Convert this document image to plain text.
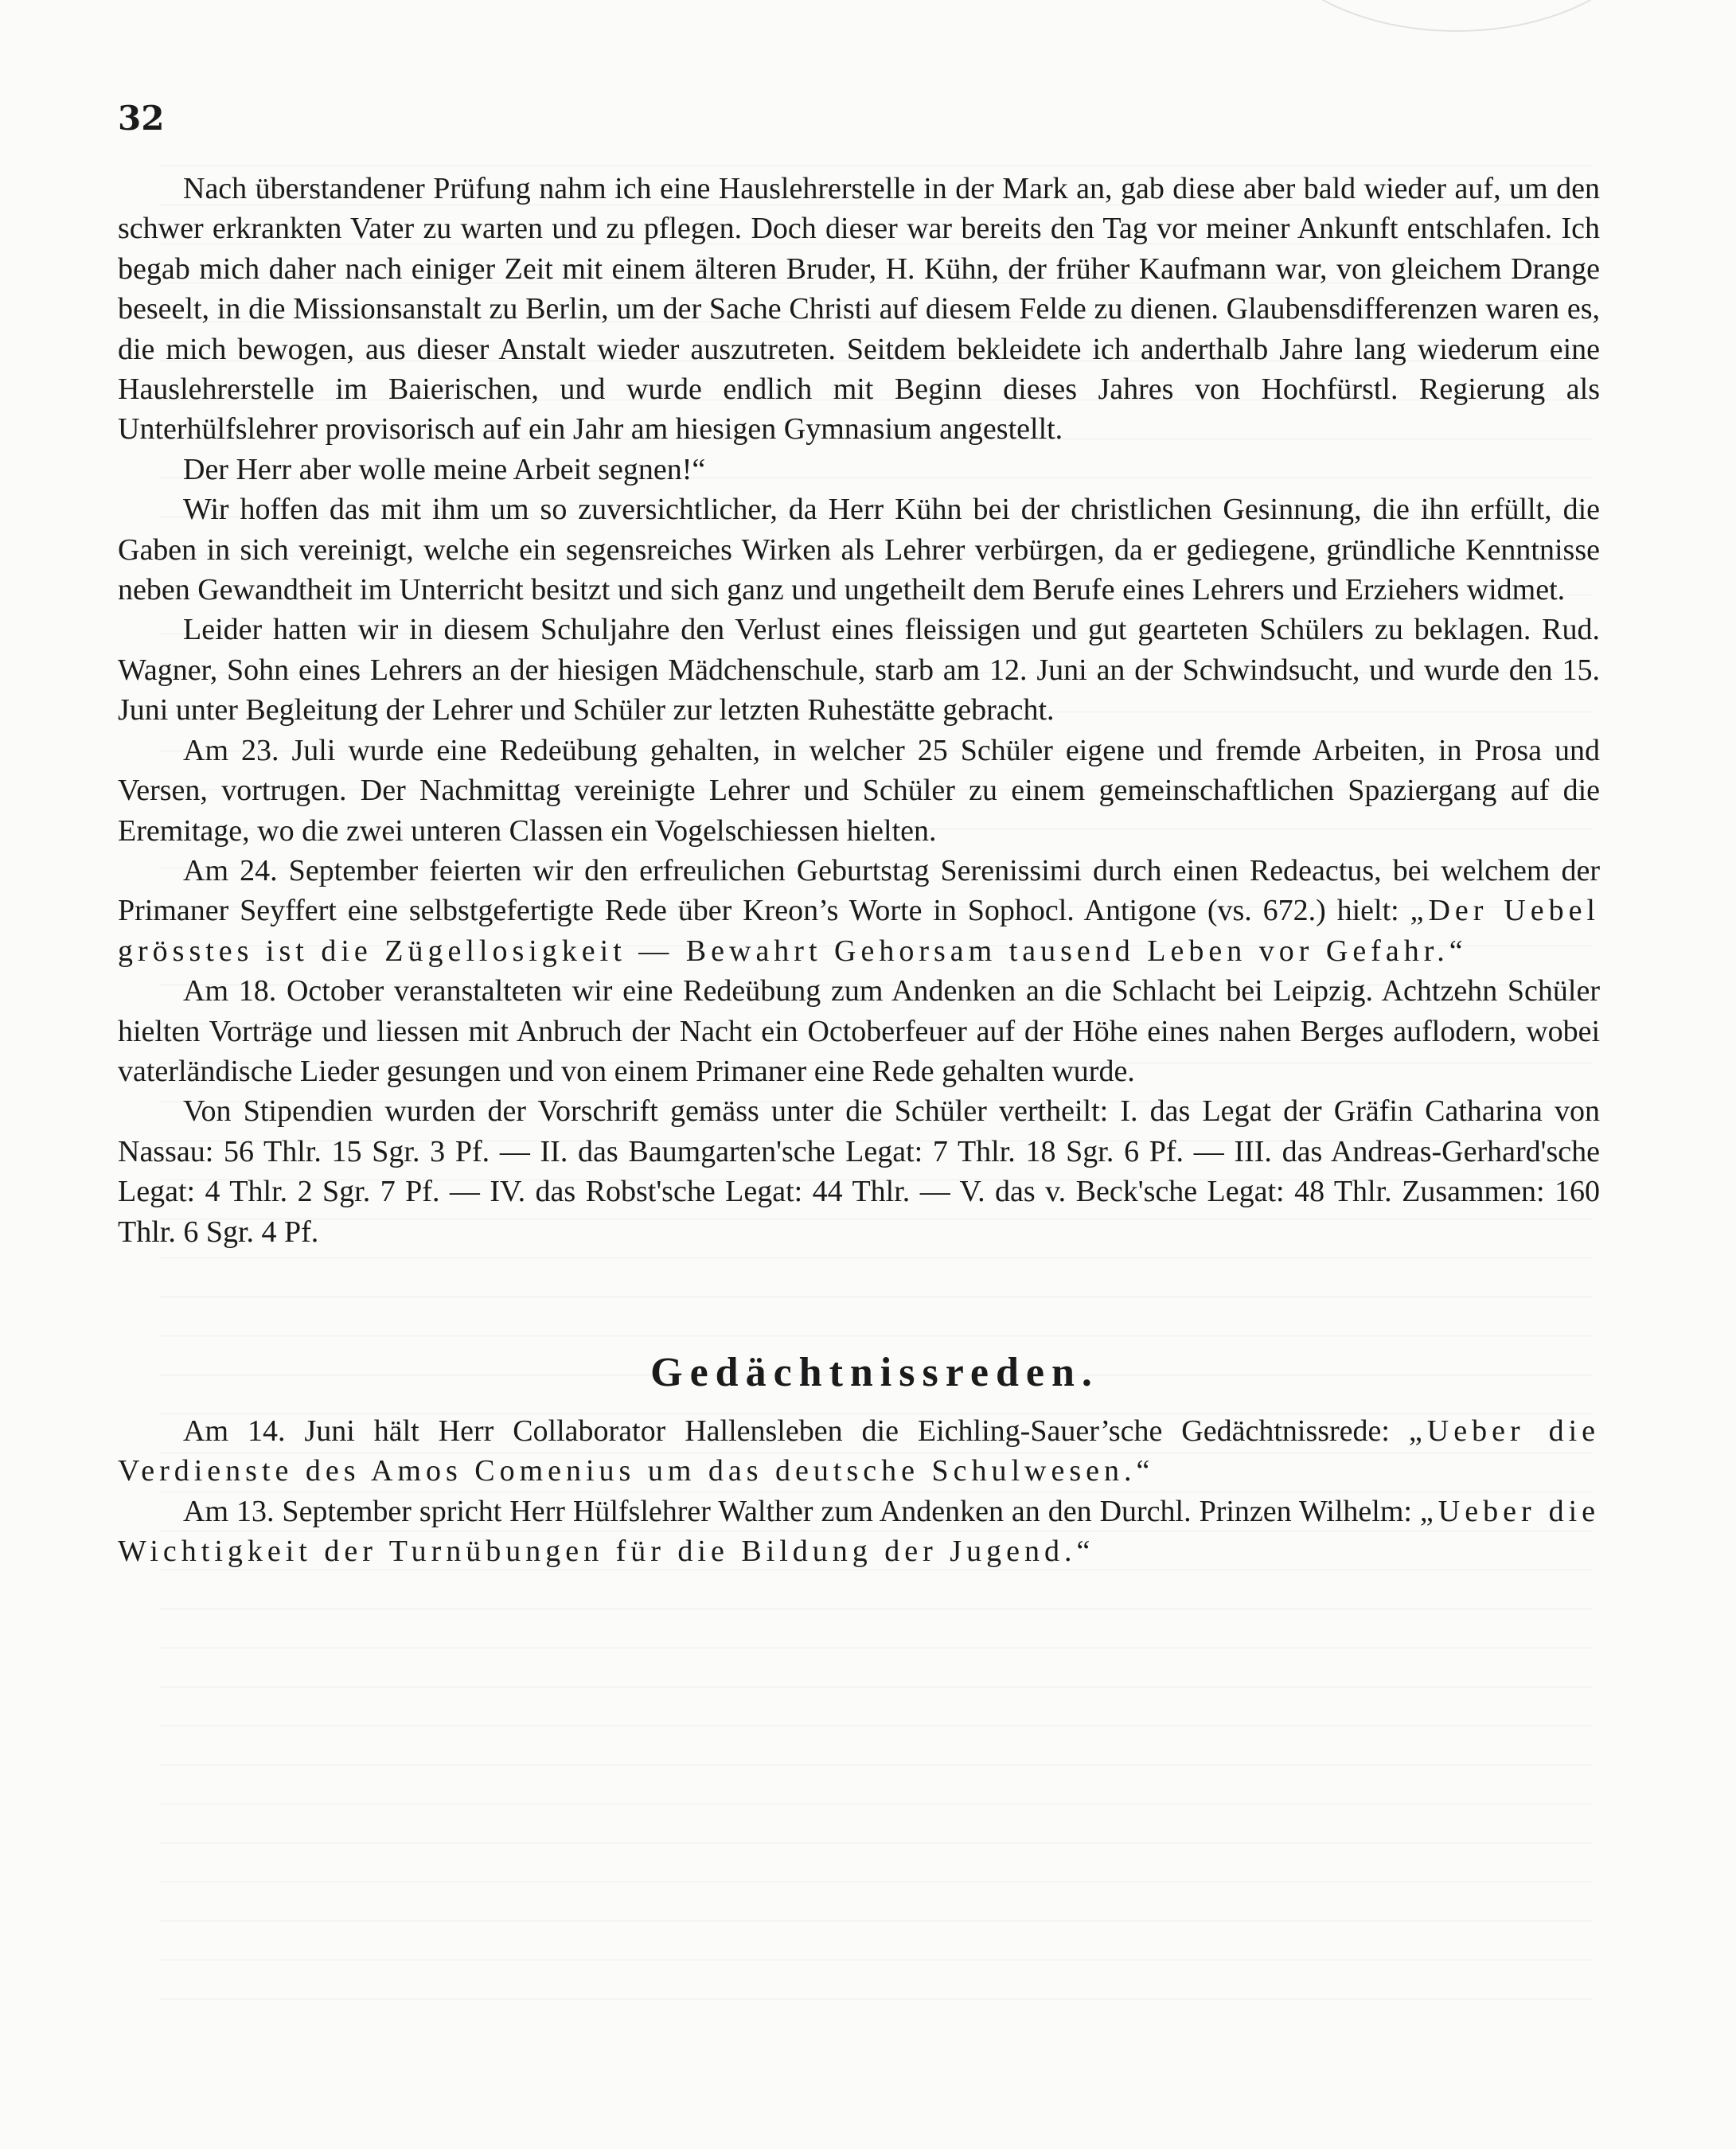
32

Nach überstandener Prüfung nahm ich eine Hauslehrerstelle in der Mark an, gab diese aber bald wieder auf, um den schwer erkrankten Vater zu warten und zu pflegen. Doch dieser war bereits den Tag vor meiner Ankunft entschlafen. Ich begab mich daher nach einiger Zeit mit einem älteren Bruder, H. Kühn, der früher Kaufmann war, von gleichem Drange beseelt, in die Missionsanstalt zu Berlin, um der Sache Christi auf diesem Felde zu dienen. Glaubensdifferenzen waren es, die mich bewogen, aus dieser Anstalt wieder auszutreten. Seitdem bekleidete ich anderthalb Jahre lang wiederum eine Hauslehrerstelle im Baierischen, und wurde endlich mit Beginn dieses Jahres von Hochfürstl. Regierung als Unterhülfslehrer provisorisch auf ein Jahr am hiesigen Gymnasium angestellt.

Der Herr aber wolle meine Arbeit segnen!“

Wir hoffen das mit ihm um so zuversichtlicher, da Herr Kühn bei der christlichen Gesinnung, die ihn erfüllt, die Gaben in sich vereinigt, welche ein segensreiches Wirken als Lehrer verbürgen, da er gediegene, gründliche Kenntnisse neben Gewandtheit im Unterricht besitzt und sich ganz und ungetheilt dem Berufe eines Lehrers und Erziehers widmet.

Leider hatten wir in diesem Schuljahre den Verlust eines fleissigen und gut gearteten Schülers zu beklagen. Rud. Wagner, Sohn eines Lehrers an der hiesigen Mädchenschule, starb am 12. Juni an der Schwindsucht, und wurde den 15. Juni unter Begleitung der Lehrer und Schüler zur letzten Ruhestätte gebracht.

Am 23. Juli wurde eine Redeübung gehalten, in welcher 25 Schüler eigene und fremde Arbeiten, in Prosa und Versen, vortrugen. Der Nachmittag vereinigte Lehrer und Schüler zu einem gemeinschaftlichen Spaziergang auf die Eremitage, wo die zwei unteren Classen ein Vogelschiessen hielten.

Am 24. September feierten wir den erfreulichen Geburtstag Serenissimi durch einen Redeactus, bei welchem der Primaner Seyffert eine selbstgefertigte Rede über Kreon’s Worte in Sophocl. Antigone (vs. 672.) hielt: „Der Uebel grösstes ist die Zügellosigkeit — Bewahrt Gehorsam tausend Leben vor Gefahr.“

Am 18. October veranstalteten wir eine Redeübung zum Andenken an die Schlacht bei Leipzig. Achtzehn Schüler hielten Vorträge und liessen mit Anbruch der Nacht ein Octoberfeuer auf der Höhe eines nahen Berges auflodern, wobei vaterländische Lieder gesungen und von einem Primaner eine Rede gehalten wurde.

Von Stipendien wurden der Vorschrift gemäss unter die Schüler vertheilt: I. das Legat der Gräfin Catharina von Nassau: 56 Thlr. 15 Sgr. 3 Pf. — II. das Baumgarten'sche Legat: 7 Thlr. 18 Sgr. 6 Pf. — III. das Andreas-Gerhard'sche Legat: 4 Thlr. 2 Sgr. 7 Pf. — IV. das Robst'sche Legat: 44 Thlr. — V. das v. Beck'sche Legat: 48 Thlr. Zusammen: 160 Thlr. 6 Sgr. 4 Pf.

Gedächtnissreden.

Am 14. Juni hält Herr Collaborator Hallensleben die Eichling-Sauer’sche Gedächtnissrede: „Ueber die Verdienste des Amos Comenius um das deutsche Schulwesen.“

Am 13. September spricht Herr Hülfslehrer Walther zum Andenken an den Durchl. Prinzen Wilhelm: „Ueber die Wichtigkeit der Turnübungen für die Bildung der Jugend.“
